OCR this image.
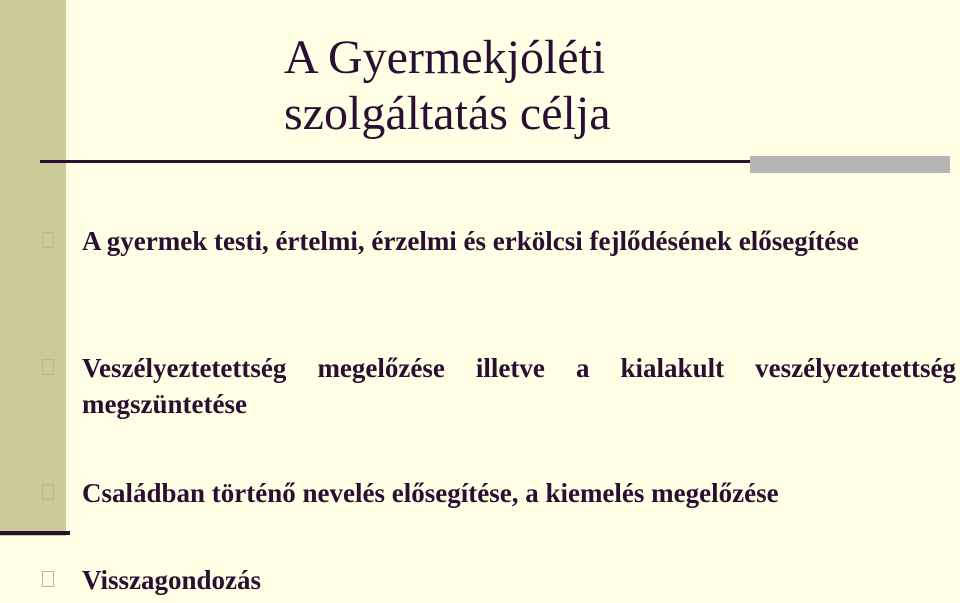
A Gyermekjóléti
szolgáltatás célja

A gyermek testi, értelmi, érzelmi és erkölcsi fejlődésének elősegítése

Veszélyeztetettség megelőzése illetve a kialakult veszélyeztetettség megszüntetése

Családban történő nevelés elősegítése, a kiemelés megelőzése

Visszagondozás
